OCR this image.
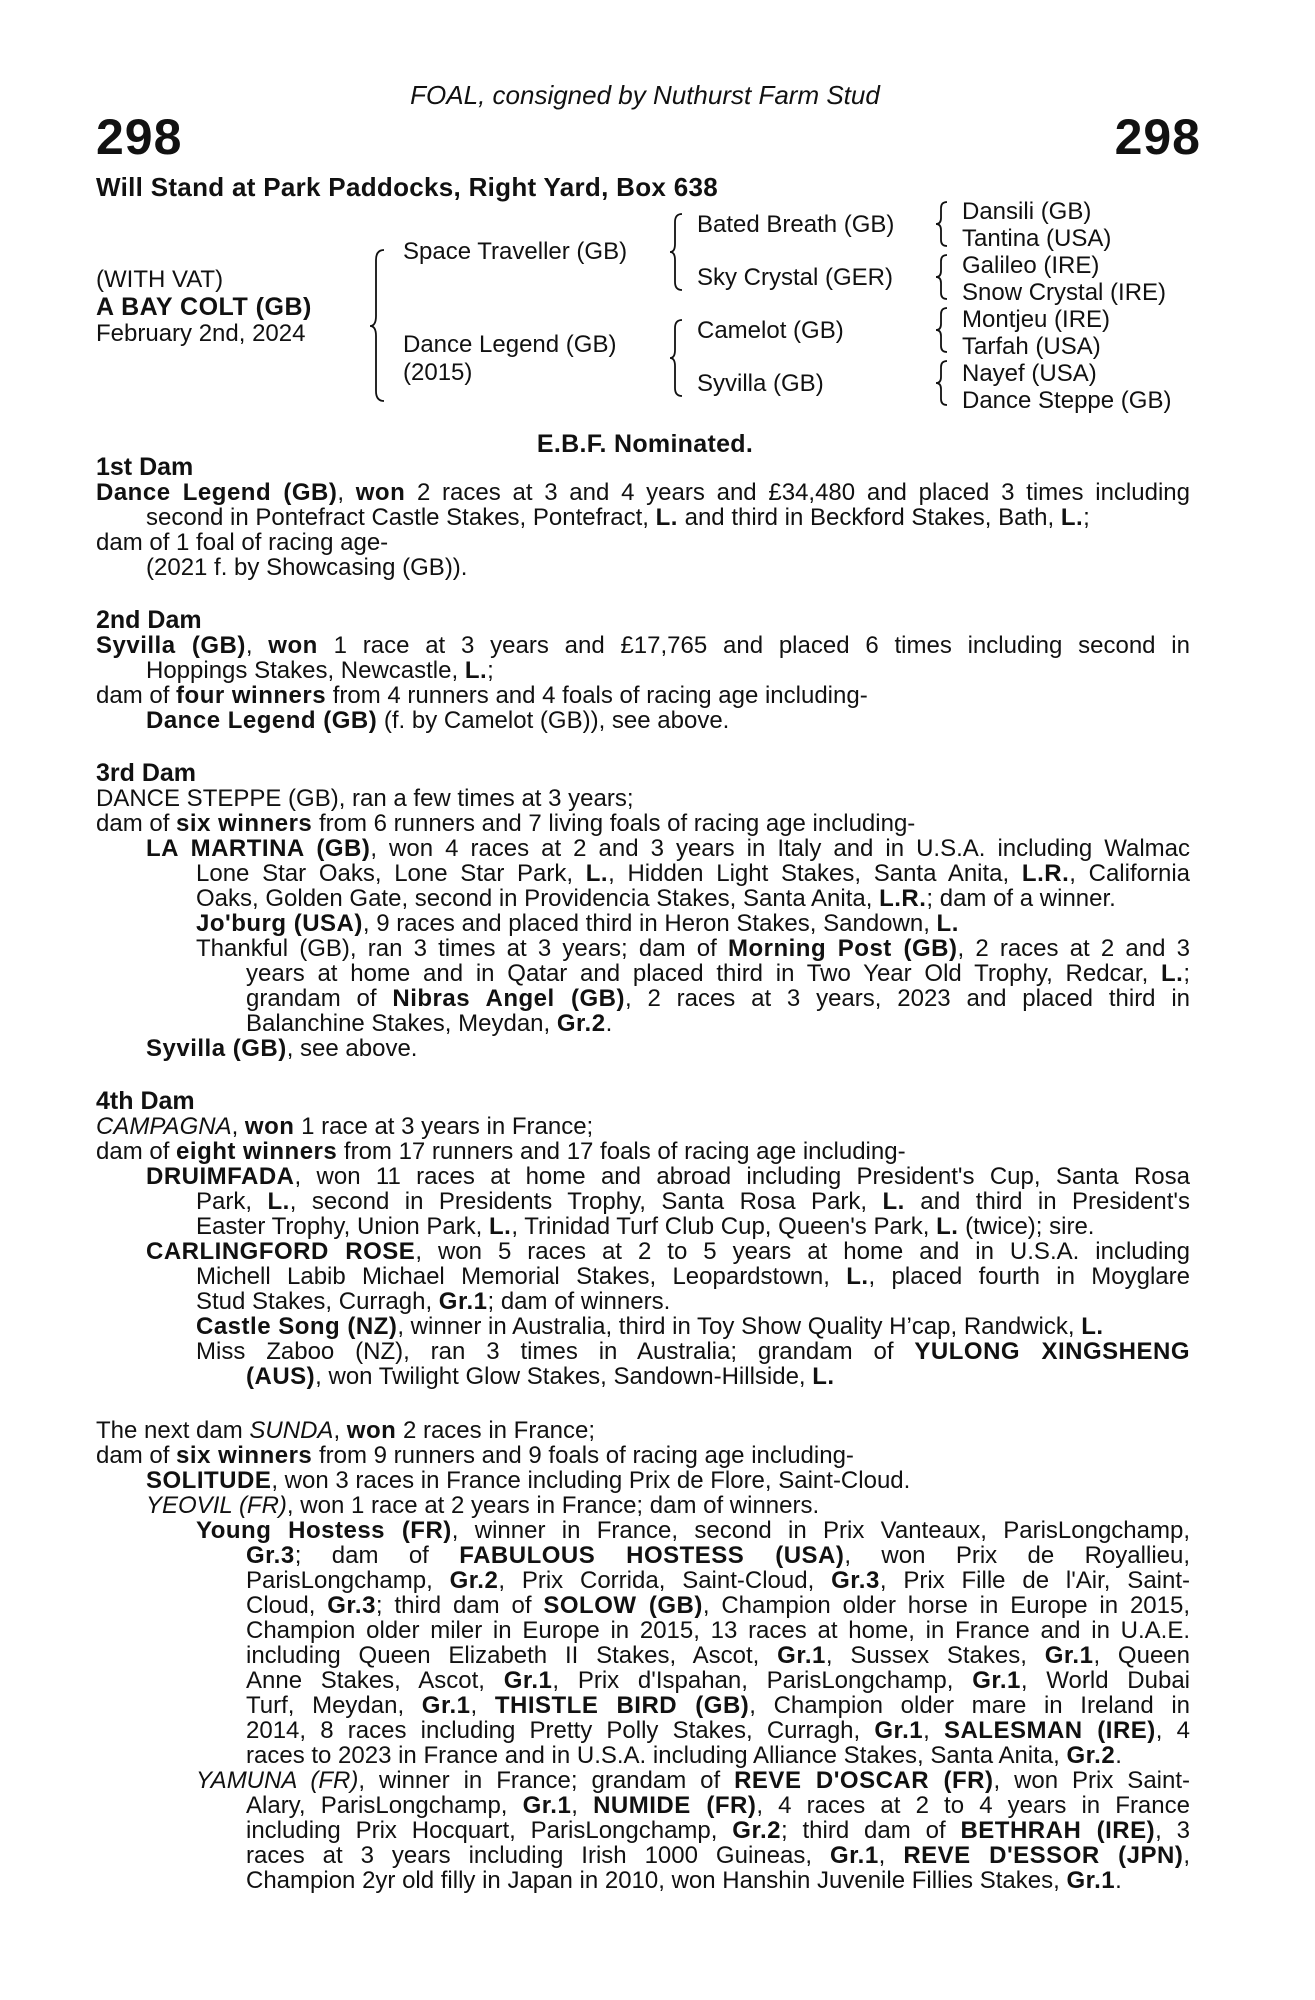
298	298
FOAL, consigned by Nuthurst Farm Stud
Will Stand at Park Paddocks, Right Yard, Box 638
(WITH VAT)
A BAY COLT (GB)
February 2nd, 2024
Space Traveller (GB)
Dance Legend (GB)
(2015)
Bated Breath (GB)
Sky Crystal (GER)
Camelot (GB)
Syvilla (GB)
Dansili (GB)
Tantina (USA)
Galileo (IRE)
Snow Crystal (IRE)
Montjeu (IRE)
Tarfah (USA)
Nayef (USA)
Dance Steppe (GB)
E.B.F. Nominated.
1st Dam
Dance Legend (GB), won 2 races at 3 and 4 years and £34,480 and placed 3 times including
second in Pontefract Castle Stakes, Pontefract, L. and third in Beckford Stakes, Bath, L.;
dam of 1 foal of racing age-
(2021 f. by Showcasing (GB)).
2nd Dam
Syvilla (GB), won 1 race at 3 years and £17,765 and placed 6 times including second in
Hoppings Stakes, Newcastle, L.;
dam of four winners from 4 runners and 4 foals of racing age including-
Dance Legend (GB) (f. by Camelot (GB)), see above.
3rd Dam
DANCE STEPPE (GB), ran a few times at 3 years;
dam of six winners from 6 runners and 7 living foals of racing age including-
LA MARTINA (GB), won 4 races at 2 and 3 years in Italy and in U.S.A. including Walmac
Lone Star Oaks, Lone Star Park, L., Hidden Light Stakes, Santa Anita, L.R., California
Oaks, Golden Gate, second in Providencia Stakes, Santa Anita, L.R.; dam of a winner.
Jo'burg (USA), 9 races and placed third in Heron Stakes, Sandown, L.
Thankful (GB), ran 3 times at 3 years; dam of Morning Post (GB), 2 races at 2 and 3
years at home and in Qatar and placed third in Two Year Old Trophy, Redcar, L.;
grandam of Nibras Angel (GB), 2 races at 3 years, 2023 and placed third in
Balanchine Stakes, Meydan, Gr.2.
Syvilla (GB), see above.
4th Dam
CAMPAGNA, won 1 race at 3 years in France;
dam of eight winners from 17 runners and 17 foals of racing age including-
DRUIMFADA, won 11 races at home and abroad including President's Cup, Santa Rosa
Park, L., second in Presidents Trophy, Santa Rosa Park, L. and third in President's
Easter Trophy, Union Park, L., Trinidad Turf Club Cup, Queen's Park, L. (twice); sire.
CARLINGFORD ROSE, won 5 races at 2 to 5 years at home and in U.S.A. including
Michell Labib Michael Memorial Stakes, Leopardstown, L., placed fourth in Moyglare
Stud Stakes, Curragh, Gr.1; dam of winners.
Castle Song (NZ), winner in Australia, third in Toy Show Quality H’cap, Randwick, L.
Miss Zaboo (NZ), ran 3 times in Australia; grandam of YULONG XINGSHENG
(AUS), won Twilight Glow Stakes, Sandown-Hillside, L.
The next dam SUNDA, won 2 races in France;
dam of six winners from 9 runners and 9 foals of racing age including-
SOLITUDE, won 3 races in France including Prix de Flore, Saint-Cloud.
YEOVIL (FR), won 1 race at 2 years in France; dam of winners.
Young Hostess (FR), winner in France, second in Prix Vanteaux, ParisLongchamp,
Gr.3; dam of FABULOUS HOSTESS (USA), won Prix de Royallieu,
ParisLongchamp, Gr.2, Prix Corrida, Saint-Cloud, Gr.3, Prix Fille de l'Air, Saint-
Cloud, Gr.3; third dam of SOLOW (GB), Champion older horse in Europe in 2015,
Champion older miler in Europe in 2015, 13 races at home, in France and in U.A.E.
including Queen Elizabeth II Stakes, Ascot, Gr.1, Sussex Stakes, Gr.1, Queen
Anne Stakes, Ascot, Gr.1, Prix d'Ispahan, ParisLongchamp, Gr.1, World Dubai
Turf, Meydan, Gr.1, THISTLE BIRD (GB), Champion older mare in Ireland in
2014, 8 races including Pretty Polly Stakes, Curragh, Gr.1, SALESMAN (IRE), 4
races to 2023 in France and in U.S.A. including Alliance Stakes, Santa Anita, Gr.2.
YAMUNA (FR), winner in France; grandam of REVE D'OSCAR (FR), won Prix Saint-
Alary, ParisLongchamp, Gr.1, NUMIDE (FR), 4 races at 2 to 4 years in France
including Prix Hocquart, ParisLongchamp, Gr.2; third dam of BETHRAH (IRE), 3
races at 3 years including Irish 1000 Guineas, Gr.1, REVE D'ESSOR (JPN),
Champion 2yr old filly in Japan in 2010, won Hanshin Juvenile Fillies Stakes, Gr.1.
